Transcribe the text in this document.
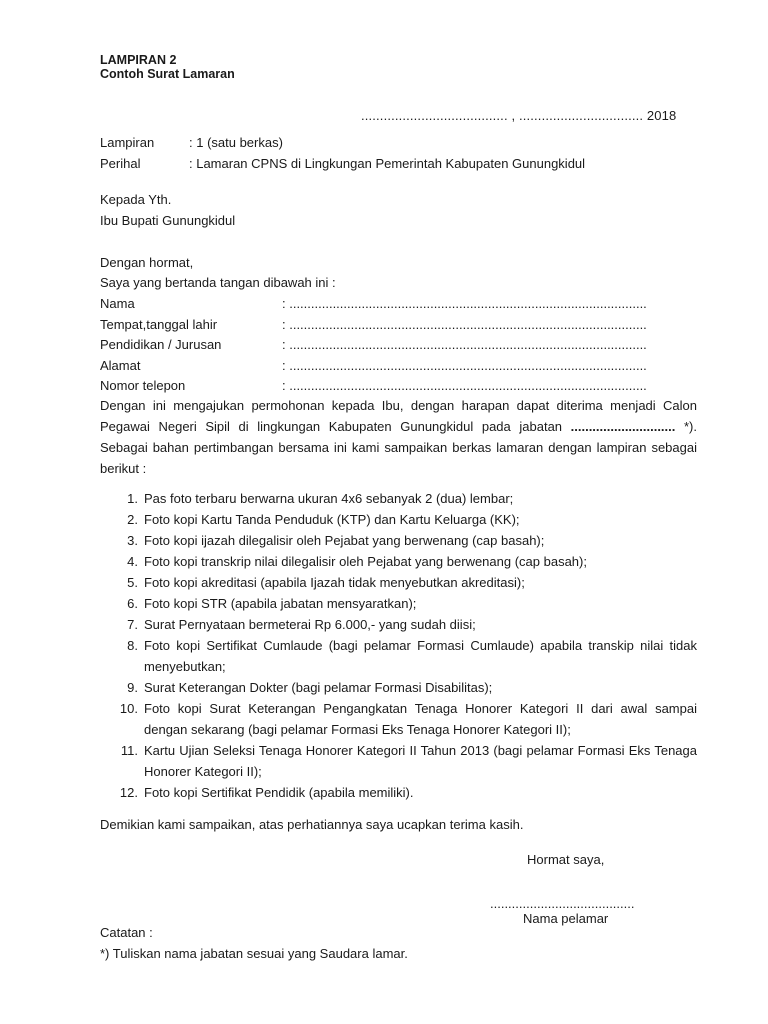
LAMPIRAN 2
Contoh Surat Lamaran
....................................... , ................................. 2018
Lampiran	: 1 (satu berkas)
Perihal	: Lamaran CPNS di Lingkungan Pemerintah Kabupaten Gunungkidul
Kepada Yth.
Ibu Bupati Gunungkidul
Dengan hormat,
Saya yang bertanda tangan dibawah ini :
Nama	: ...................................................................................................
Tempat,tanggal lahir	: ...................................................................................................
Pendidikan / Jurusan	: ...................................................................................................
Alamat	: ...................................................................................................
Nomor telepon	: ...................................................................................................
Dengan ini mengajukan permohonan kepada Ibu, dengan harapan dapat diterima menjadi Calon Pegawai Negeri Sipil di lingkungan Kabupaten Gunungkidul pada jabatan ............................. *). Sebagai bahan pertimbangan bersama ini kami sampaikan berkas lamaran dengan lampiran sebagai berikut :
1. Pas foto terbaru berwarna ukuran 4x6 sebanyak 2 (dua) lembar;
2. Foto kopi Kartu Tanda Penduduk (KTP) dan Kartu Keluarga (KK);
3. Foto kopi ijazah dilegalisir oleh Pejabat yang berwenang (cap basah);
4. Foto kopi transkrip nilai dilegalisir oleh Pejabat yang berwenang (cap basah);
5. Foto kopi akreditasi (apabila Ijazah tidak menyebutkan akreditasi);
6. Foto kopi STR (apabila jabatan mensyaratkan);
7. Surat Pernyataan bermeterai Rp 6.000,- yang sudah diisi;
8. Foto kopi Sertifikat Cumlaude (bagi pelamar Formasi Cumlaude) apabila transkip nilai tidak menyebutkan;
9. Surat Keterangan Dokter (bagi pelamar Formasi Disabilitas);
10. Foto kopi Surat Keterangan Pengangkatan Tenaga Honorer Kategori II dari awal sampai dengan sekarang (bagi pelamar Formasi Eks Tenaga Honorer Kategori II);
11. Kartu Ujian Seleksi Tenaga Honorer Kategori II Tahun 2013 (bagi pelamar Formasi Eks Tenaga Honorer Kategori II);
12. Foto kopi Sertifikat Pendidik (apabila memiliki).
Demikian kami sampaikan, atas perhatiannya saya ucapkan terima kasih.
Hormat saya,
........................................
Nama pelamar
Catatan :
*) Tuliskan nama jabatan sesuai yang Saudara lamar.
